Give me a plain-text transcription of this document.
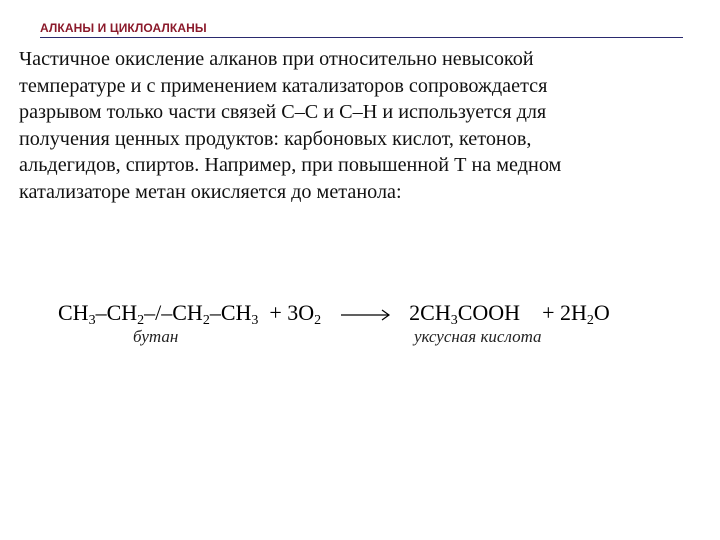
АЛКАНЫ И ЦИКЛОАЛКАНЫ

Частичное окисление алканов при относительно невысокой

температуре и с применением катализаторов сопровождается

разрывом только части связей С–С и С–Н и используется для

получения ценных продуктов: карбоновых кислот, кетонов,

альдегидов, спиртов. Например, при повышенной Т на медном

катализаторе метан окисляется до метанола:

$CH_3-CH_2-/-CH_2-CH_3 + 3O_2$ → $2CH_3COOH + 2H_2O$
бутан	уксусная кислота
